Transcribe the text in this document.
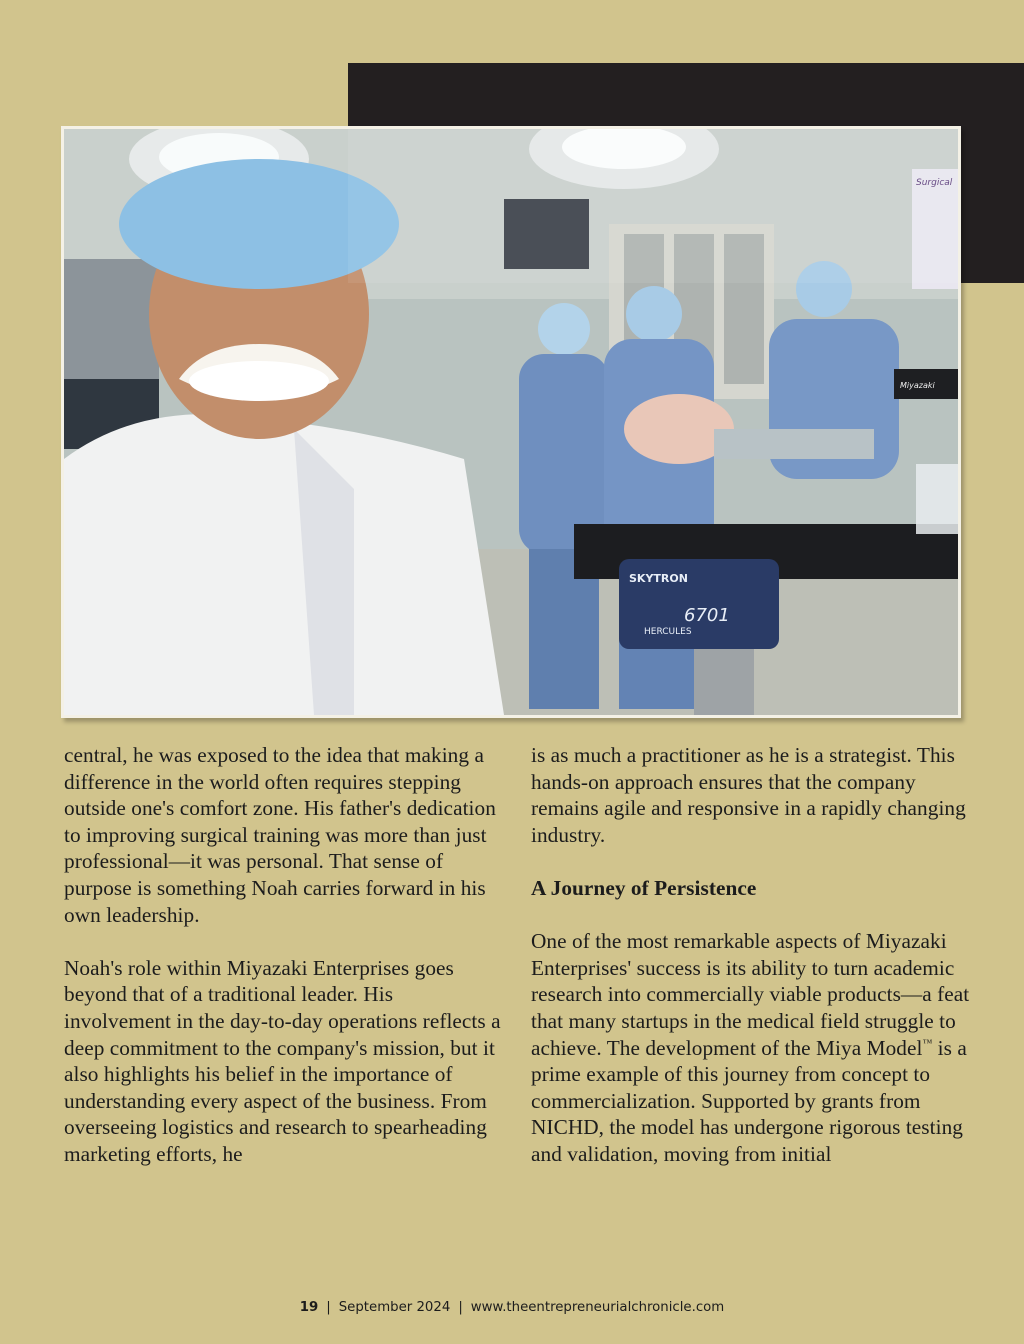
Surgical
SKYTRON
6701
HERCULES
Miyazaki

central, he was exposed to the idea that making a difference in the world often requires stepping outside one's comfort zone. His father's dedication to improving surgical training was more than just professional—it was personal. That sense of purpose is something Noah carries forward in his own leadership.

Noah's role within Miyazaki Enterprises goes beyond that of a traditional leader. His involvement in the day-to-day operations reflects a deep commitment to the company's mission, but it also highlights his belief in the importance of understanding every aspect of the business. From overseeing logistics and research to spearheading marketing efforts, he

is as much a practitioner as he is a strategist. This hands-on approach ensures that the company remains agile and responsive in a rapidly changing industry.

A Journey of Persistence

One of the most remarkable aspects of Miyazaki Enterprises' success is its ability to turn academic research into commercially viable products—a feat that many startups in the medical field struggle to achieve. The development of the Miya Model™ is a prime example of this journey from concept to commercialization. Supported by grants from NICHD, the model has undergone rigorous testing and validation, moving from initial

19 | September 2024 | www.theentrepreneurialchronicle.com
